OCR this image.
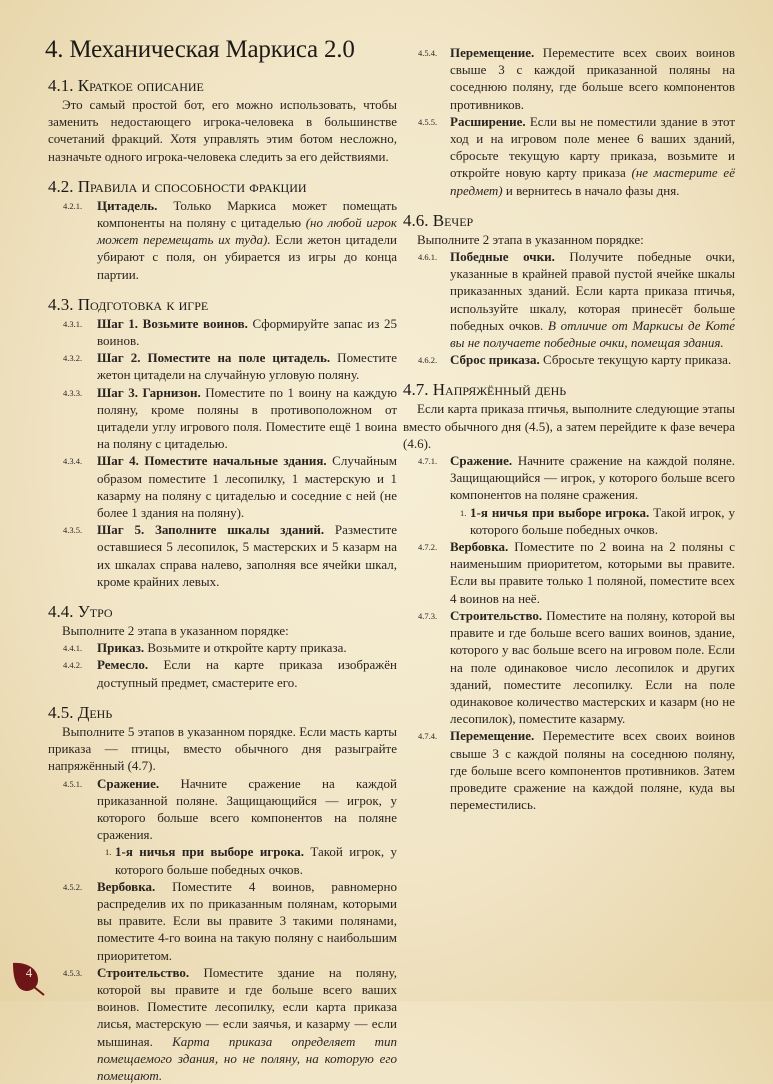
4. Механическая Маркиса 2.0
4.1. Краткое описание

Это самый простой бот, его можно использовать, чтобы заменить недостающего игрока-человека в большинстве сочетаний фракций. Хотя управлять этим ботом несложно, назначьте одного игрока-человека следить за его действиями.

4.2. Правила и способности фракции
4.2.1. Цитадель. Только Маркиса может помещать компоненты на поляну с цитаделью (но любой игрок может перемещать их туда). Если жетон цитадели убирают с поля, он убирается из игры до конца партии.
4.3. Подготовка к игре
4.3.1. Шаг 1. Возьмите воинов. Сформируйте запас из 25 воинов.
4.3.2. Шаг 2. Поместите на поле цитадель. Поместите жетон цитадели на случайную угловую поляну.
4.3.3. Шаг 3. Гарнизон. Поместите по 1 воину на каждую поляну, кроме поляны в противоположном от цитадели углу игрового поля. Поместите ещё 1 воина на поляну с цитаделью.
4.3.4. Шаг 4. Поместите начальные здания. Случайным образом поместите 1 лесопилку, 1 мастерскую и 1 казарму на поляну с цитаделью и соседние с ней (не более 1 здания на поляну).
4.3.5. Шаг 5. Заполните шкалы зданий. Разместите оставшиеся 5 лесопилок, 5 мастерских и 5 казарм на их шкалах справа налево, заполняя все ячейки шкал, кроме крайних левых.
4.4. Утро

Выполните 2 этапа в указанном порядке:

4.4.1. Приказ. Возьмите и откройте карту приказа.
4.4.2. Ремесло. Если на карте приказа изображён доступный предмет, смастерите его.
4.5. День

Выполните 5 этапов в указанном порядке. Если масть карты приказа — птицы, вместо обычного дня разыграйте напряжённый (4.7).

4.5.1. Сражение. Начните сражение на каждой приказанной поляне. Защищающийся — игрок, у которого больше всего компонентов на поляне сражения.
1. 1-я ничья при выборе игрока. Такой игрок, у которого больше победных очков.
4.5.2. Вербовка. Поместите 4 воинов, равномерно распределив их по приказанным полянам, которыми вы правите. Если вы правите 3 такими полянами, поместите 4-го воина на такую поляну с наибольшим приоритетом.
4.5.3. Строительство. Поместите здание на поляну, которой вы правите и где больше всего ваших воинов. Поместите лесопилку, если карта приказа лисья, мастерскую — если заячья, и казарму — если мышиная. Карта приказа определяет тип помещаемого здания, но не поляну, на которую его помещают.
4.5.4. Перемещение. Переместите всех своих воинов свыше 3 с каждой приказанной поляны на соседнюю поляну, где больше всего компонентов противников.
4.5.5. Расширение. Если вы не поместили здание в этот ход и на игровом поле менее 6 ваших зданий, сбросьте текущую карту приказа, возьмите и откройте новую карту приказа (не мастерите её предмет) и вернитесь в начало фазы дня.
4.6. Вечер

Выполните 2 этапа в указанном порядке:

4.6.1. Победные очки. Получите победные очки, указанные в крайней правой пустой ячейке шкалы приказанных зданий. Если карта приказа птичья, используйте шкалу, которая принесёт больше победных очков. В отличие от Маркисы де Коте́ вы не получаете победные очки, помещая здания.
4.6.2. Сброс приказа. Сбросьте текущую карту приказа.
4.7. Напряжённый день

Если карта приказа птичья, выполните следующие этапы вместо обычного дня (4.5), а затем перейдите к фазе вечера (4.6).

4.7.1. Сражение. Начните сражение на каждой поляне. Защищающийся — игрок, у которого больше всего компонентов на поляне сражения.
1. 1-я ничья при выборе игрока. Такой игрок, у которого больше победных очков.
4.7.2. Вербовка. Поместите по 2 воина на 2 поляны с наименьшим приоритетом, которыми вы правите. Если вы правите только 1 поляной, поместите всех 4 воинов на неё.
4.7.3. Строительство. Поместите на поляну, которой вы правите и где больше всего ваших воинов, здание, которого у вас больше всего на игровом поле. Если на поле одинаковое число лесопилок и других зданий, поместите лесопилку. Если на поле одинаковое количество мастерских и казарм (но не лесопилок), поместите казарму.
4.7.4. Перемещение. Переместите всех своих воинов свыше 3 с каждой поляны на соседнюю поляну, где больше всего компонентов противников. Затем проведите сражение на каждой поляне, куда вы переместились.
4
